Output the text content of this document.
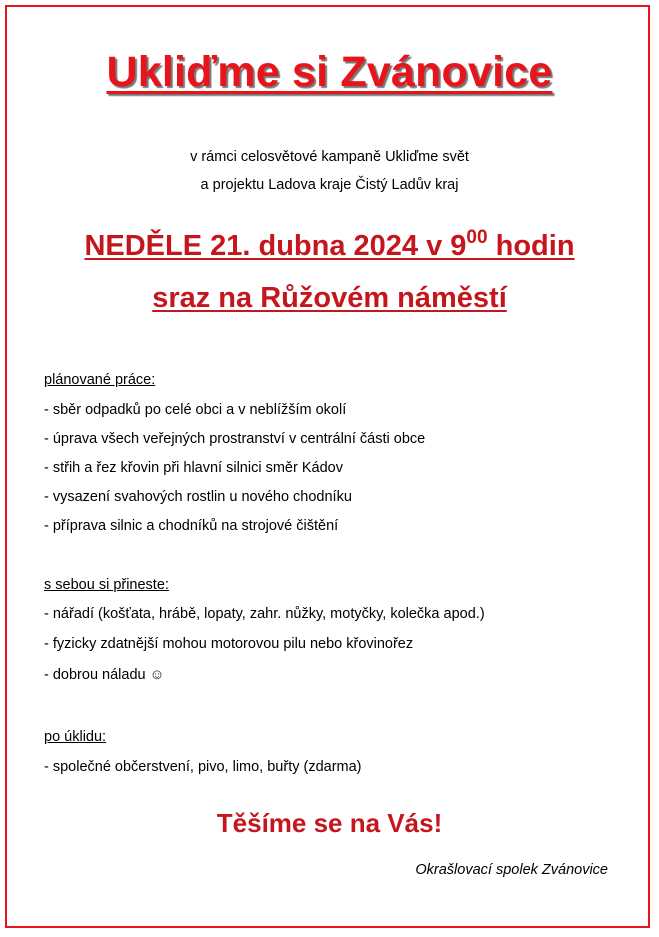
Ukliďme si Zvánovice
v rámci celosvětové kampaně Ukliďme svět
a projektu Ladova kraje Čistý Ladův kraj
NEDĚLE 21. dubna 2024 v $9^{00}$ hodin
sraz na Růžovém náměstí
plánované práce:
- sběr odpadků po celé obci a v neblížším okolí
- úprava všech veřejných prostranství v centrální části obce
- střih a řez křovin při hlavní silnici směr Kádov
- vysazení svahových rostlin u nového chodníku
- příprava silnic a chodníků na strojové čištění
s sebou si přineste:
- nářadí (košťata, hrábě, lopaty, zahr. nůžky, motyčky, kolečka apod.)
- fyzicky zdatnější mohou motorovou pilu nebo křovinořez
- dobrou náladu ☺
po úklidu:
- společné občerstvení, pivo, limo, buřty (zdarma)
Těšíme se na Vás!
Okrašlovací spolek Zvánovice
